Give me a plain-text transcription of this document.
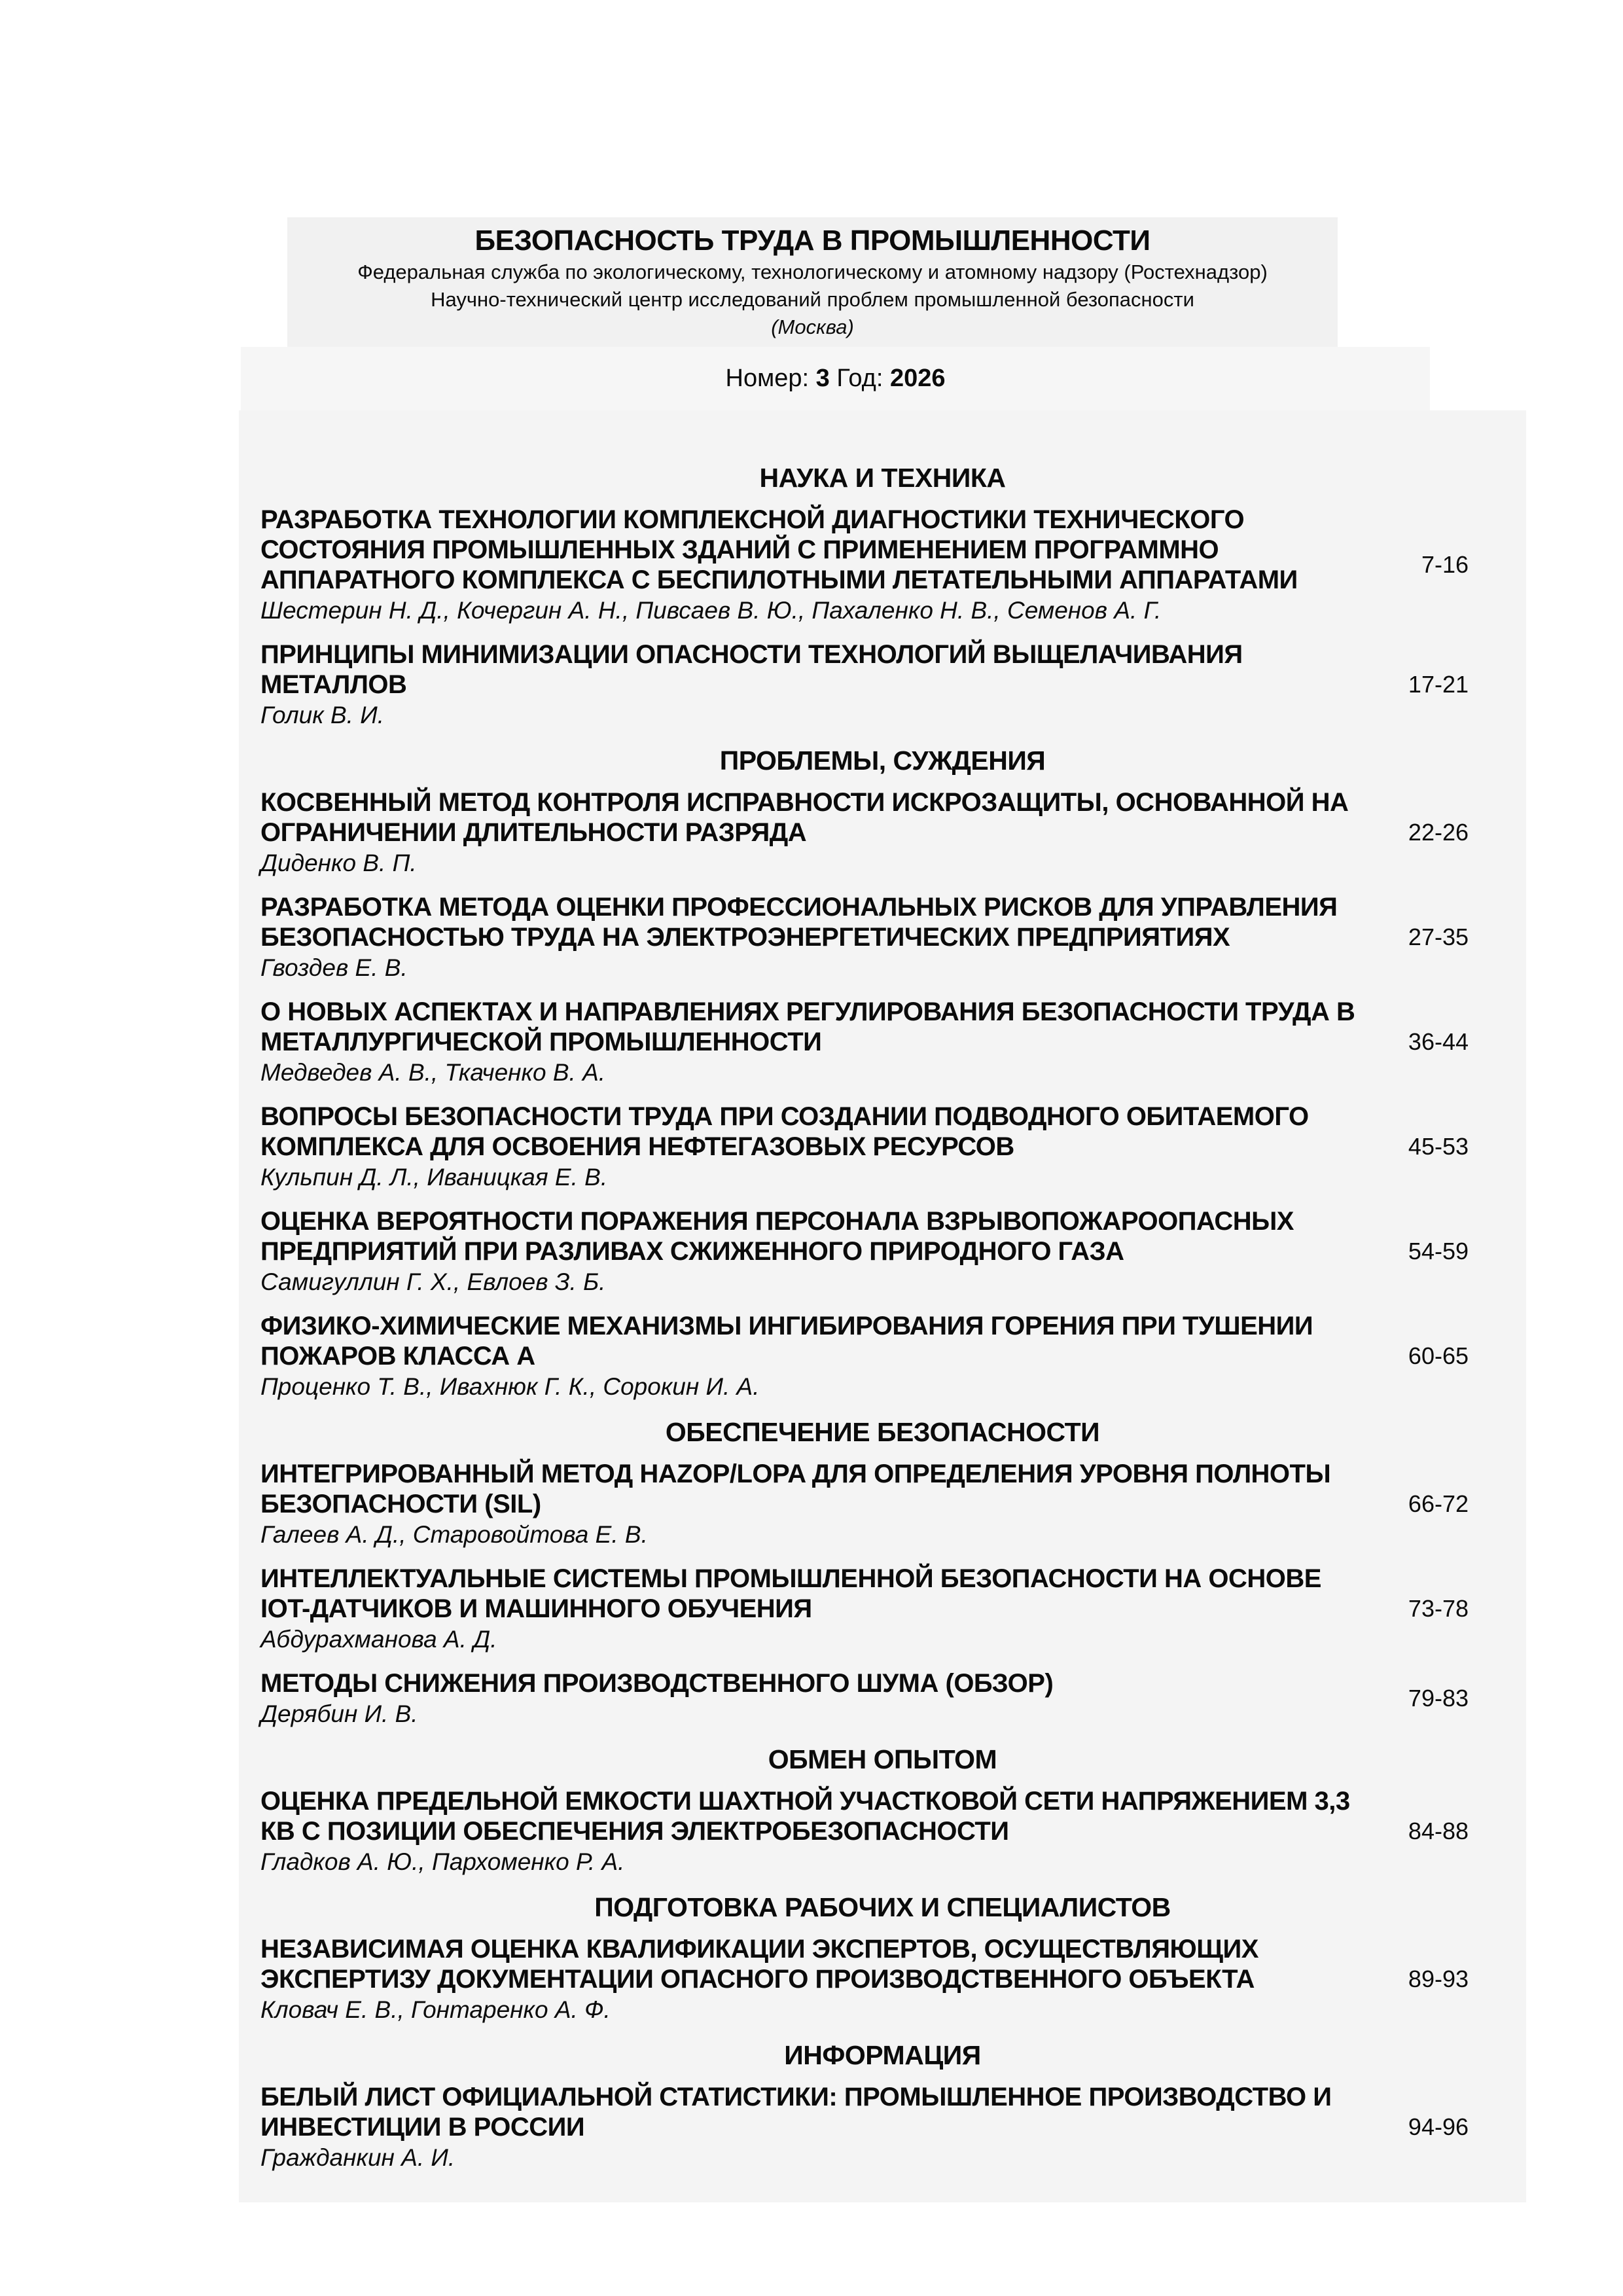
БЕЗОПАСНОСТЬ ТРУДА В ПРОМЫШЛЕННОСТИ
Федеральная служба по экологическому, технологическому и атомному надзору (Ростехнадзор)
Научно-технический центр исследований проблем промышленной безопасности
(Москва)
Номер: 3
Год: 2026
НАУКА И ТЕХНИКА
РАЗРАБОТКА ТЕХНОЛОГИИ КОМПЛЕКСНОЙ ДИАГНОСТИКИ ТЕХНИЧЕСКОГО СОСТОЯНИЯ ПРОМЫШЛЕННЫХ ЗДАНИЙ С ПРИМЕНЕНИЕМ ПРОГРАММНО АППАРАТНОГО КОМПЛЕКСА С БЕСПИЛОТНЫМИ ЛЕТАТЕЛЬНЫМИ АППАРАТАМИ
Шестерин Н. Д., Кочергин А. Н., Пивсаев В. Ю., Пахаленко Н. В., Семенов А. Г.
7-16
ПРИНЦИПЫ МИНИМИЗАЦИИ ОПАСНОСТИ ТЕХНОЛОГИЙ ВЫЩЕЛАЧИВАНИЯ МЕТАЛЛОВ
Голик В. И.
17-21
ПРОБЛЕМЫ, СУЖДЕНИЯ
КОСВЕННЫЙ МЕТОД КОНТРОЛЯ ИСПРАВНОСТИ ИСКРОЗАЩИТЫ, ОСНОВАННОЙ НА ОГРАНИЧЕНИИ ДЛИТЕЛЬНОСТИ РАЗРЯДА
Диденко В. П.
22-26
РАЗРАБОТКА МЕТОДА ОЦЕНКИ ПРОФЕССИОНАЛЬНЫХ РИСКОВ ДЛЯ УПРАВЛЕНИЯ БЕЗОПАСНОСТЬЮ ТРУДА НА ЭЛЕКТРОЭНЕРГЕТИЧЕСКИХ ПРЕДПРИЯТИЯХ
Гвоздев Е. В.
27-35
О НОВЫХ АСПЕКТАХ И НАПРАВЛЕНИЯХ РЕГУЛИРОВАНИЯ БЕЗОПАСНОСТИ ТРУДА В МЕТАЛЛУРГИЧЕСКОЙ ПРОМЫШЛЕННОСТИ
Медведев А. В., Ткаченко В. А.
36-44
ВОПРОСЫ БЕЗОПАСНОСТИ ТРУДА ПРИ СОЗДАНИИ ПОДВОДНОГО ОБИТАЕМОГО КОМПЛЕКСА ДЛЯ ОСВОЕНИЯ НЕФТЕГАЗОВЫХ РЕСУРСОВ
Кульпин Д. Л., Иваницкая Е. В.
45-53
ОЦЕНКА ВЕРОЯТНОСТИ ПОРАЖЕНИЯ ПЕРСОНАЛА ВЗРЫВОПОЖАРООПАСНЫХ ПРЕДПРИЯТИЙ ПРИ РАЗЛИВАХ СЖИЖЕННОГО ПРИРОДНОГО ГАЗА
Самигуллин Г. Х., Евлоев З. Б.
54-59
ФИЗИКО-ХИМИЧЕСКИЕ МЕХАНИЗМЫ ИНГИБИРОВАНИЯ ГОРЕНИЯ ПРИ ТУШЕНИИ ПОЖАРОВ КЛАССА А
Проценко Т. В., Ивахнюк Г. К., Сорокин И. А.
60-65
ОБЕСПЕЧЕНИЕ БЕЗОПАСНОСТИ
ИНТЕГРИРОВАННЫЙ МЕТОД HAZOP/LOPA ДЛЯ ОПРЕДЕЛЕНИЯ УРОВНЯ ПОЛНОТЫ БЕЗОПАСНОСТИ (SIL)
Галеев А. Д., Старовойтова Е. В.
66-72
ИНТЕЛЛЕКТУАЛЬНЫЕ СИСТЕМЫ ПРОМЫШЛЕННОЙ БЕЗОПАСНОСТИ НА ОСНОВЕ IOT-ДАТЧИКОВ И МАШИННОГО ОБУЧЕНИЯ
Абдурахманова А. Д.
73-78
МЕТОДЫ СНИЖЕНИЯ ПРОИЗВОДСТВЕННОГО ШУМА (ОБЗОР)
Дерябин И. В.
79-83
ОБМЕН ОПЫТОМ
ОЦЕНКА ПРЕДЕЛЬНОЙ ЕМКОСТИ ШАХТНОЙ УЧАСТКОВОЙ СЕТИ НАПРЯЖЕНИЕМ 3,3 КВ С ПОЗИЦИИ ОБЕСПЕЧЕНИЯ ЭЛЕКТРОБЕЗОПАСНОСТИ
Гладков А. Ю., Пархоменко Р. А.
84-88
ПОДГОТОВКА РАБОЧИХ И СПЕЦИАЛИСТОВ
НЕЗАВИСИМАЯ ОЦЕНКА КВАЛИФИКАЦИИ ЭКСПЕРТОВ, ОСУЩЕСТВЛЯЮЩИХ ЭКСПЕРТИЗУ ДОКУМЕНТАЦИИ ОПАСНОГО ПРОИЗВОДСТВЕННОГО ОБЪЕКТА
Кловач Е. В., Гонтаренко А. Ф.
89-93
ИНФОРМАЦИЯ
БЕЛЫЙ ЛИСТ ОФИЦИАЛЬНОЙ СТАТИСТИКИ: ПРОМЫШЛЕННОЕ ПРОИЗВОДСТВО И ИНВЕСТИЦИИ В РОССИИ
Гражданкин А. И.
94-96
